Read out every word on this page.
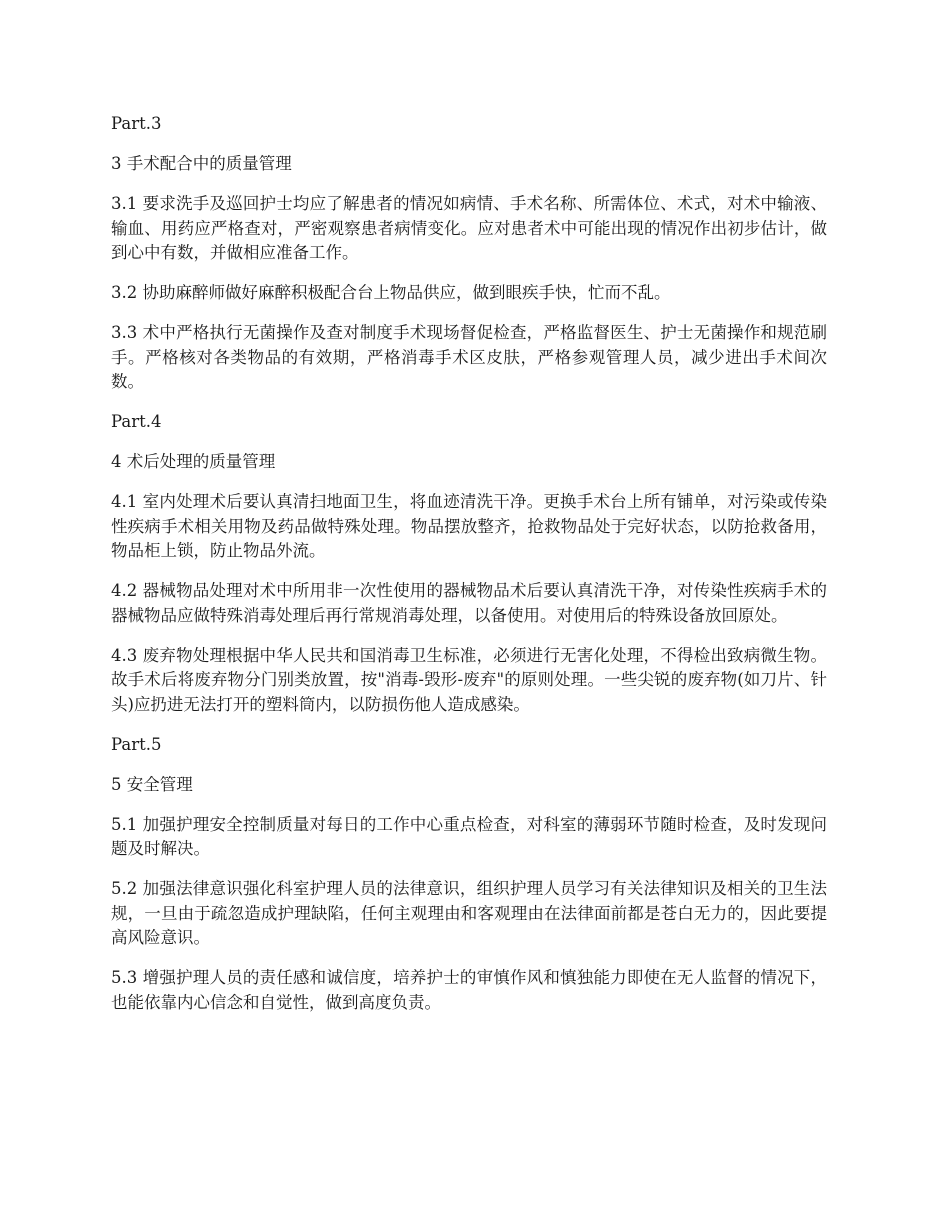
Part.3

3 手术配合中的质量管理

3.1 要求洗手及巡回护士均应了解患者的情况如病情、手术名称、所需体位、术式，对术中输液、输血、用药应严格查对，严密观察患者病情变化。应对患者术中可能出现的情况作出初步估计，做到心中有数，并做相应准备工作。

3.2 协助麻醉师做好麻醉积极配合台上物品供应，做到眼疾手快，忙而不乱。

3.3 术中严格执行无菌操作及查对制度手术现场督促检查，严格监督医生、护士无菌操作和规范刷手。严格核对各类物品的有效期，严格消毒手术区皮肤，严格参观管理人员，减少进出手术间次数。

Part.4

4 术后处理的质量管理

4.1 室内处理术后要认真清扫地面卫生，将血迹清洗干净。更换手术台上所有铺单，对污染或传染性疾病手术相关用物及药品做特殊处理。物品摆放整齐，抢救物品处于完好状态，以防抢救备用，物品柜上锁，防止物品外流。

4.2 器械物品处理对术中所用非一次性使用的器械物品术后要认真清洗干净，对传染性疾病手术的器械物品应做特殊消毒处理后再行常规消毒处理，以备使用。对使用后的特殊设备放回原处。

4.3 废弃物处理根据中华人民共和国消毒卫生标准，必须进行无害化处理，不得检出致病微生物。故手术后将废弃物分门别类放置，按"消毒-毁形-废弃"的原则处理。一些尖锐的废弃物(如刀片、针头)应扔进无法打开的塑料筒内，以防损伤他人造成感染。

Part.5

5 安全管理

5.1 加强护理安全控制质量对每日的工作中心重点检查，对科室的薄弱环节随时检查，及时发现问题及时解决。

5.2 加强法律意识强化科室护理人员的法律意识，组织护理人员学习有关法律知识及相关的卫生法规，一旦由于疏忽造成护理缺陷，任何主观理由和客观理由在法律面前都是苍白无力的，因此要提高风险意识。

5.3 增强护理人员的责任感和诚信度，培养护士的审慎作风和慎独能力即使在无人监督的情况下，也能依靠内心信念和自觉性，做到高度负责。
